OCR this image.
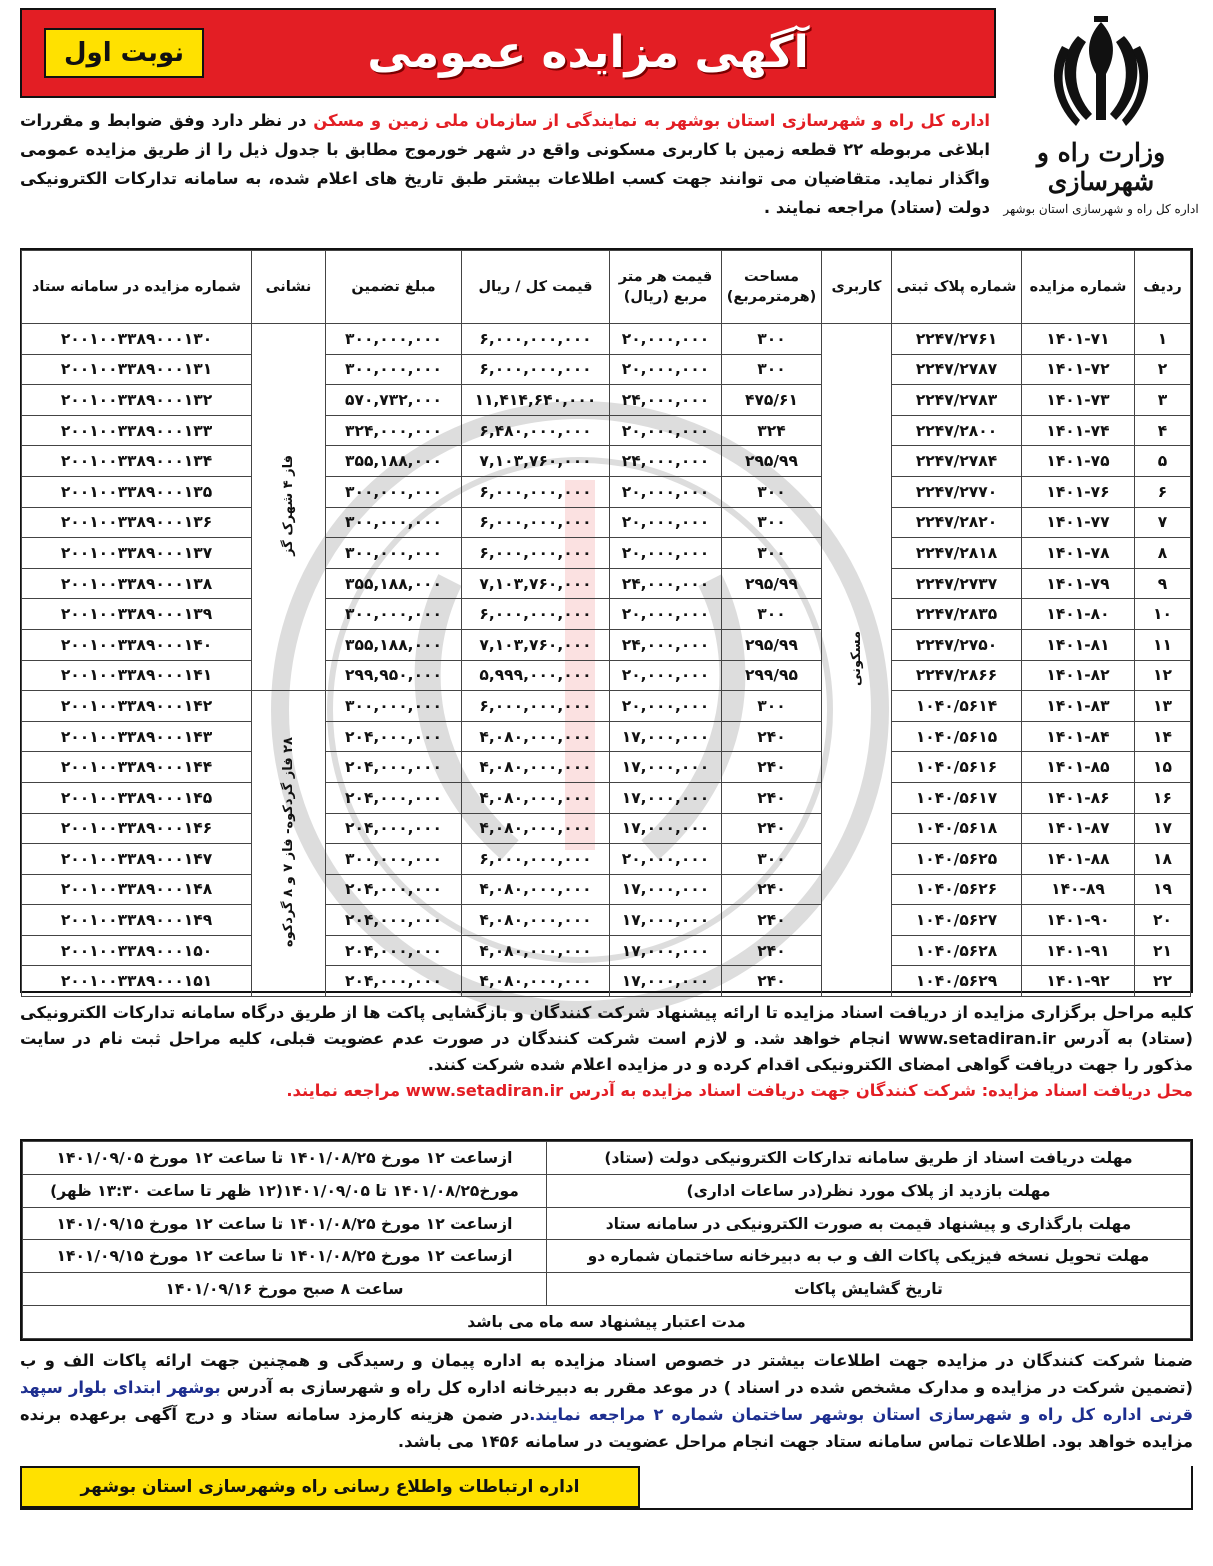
نوبت اول	آگهی مزایده عمومی
وزارت راه و شهرسازی
اداره کل راه و شهرسازی استان بوشهر
اداره کل راه و شهرسازی استان بوشهر به نمایندگی از سازمان ملی زمین و مسکن در نظر دارد وفق ضوابط و مقررات ابلاغی مربوطه ۲۲ قطعه زمین با کاربری مسکونی واقع در شهر خورموج مطابق با جدول ذیل را از طریق مزایده عمومی واگذار نماید. متقاضیان می توانند جهت کسب اطلاعات بیشتر طبق تاریخ های اعلام شده، به سامانه تدارکات الکترونیکی دولت (ستاد) مراجعه نمایند .
ردیف	شماره مزایده	شماره پلاک ثبتی	کاربری	مساحت (هرمترمربع)	قیمت هر متر مربع (ریال)	قیمت کل / ریال	مبلغ تضمین	نشانی	شماره مزایده در سامانه ستاد
۱	۱۴۰۱-۷۱	۲۲۴۷/۲۷۶۱	مسکونی	۳۰۰	۲۰,۰۰۰,۰۰۰	۶,۰۰۰,۰۰۰,۰۰۰	۳۰۰,۰۰۰,۰۰۰	فاز ۴ شهرک گز	۲۰۰۱۰۰۳۳۸۹۰۰۰۱۳۰
۲	۱۴۰۱-۷۲	۲۲۴۷/۲۷۸۷		۳۰۰	۲۰,۰۰۰,۰۰۰	۶,۰۰۰,۰۰۰,۰۰۰	۳۰۰,۰۰۰,۰۰۰		۲۰۰۱۰۰۳۳۸۹۰۰۰۱۳۱
۳	۱۴۰۱-۷۳	۲۲۴۷/۲۷۸۳		۴۷۵/۶۱	۲۴,۰۰۰,۰۰۰	۱۱,۴۱۴,۶۴۰,۰۰۰	۵۷۰,۷۳۲,۰۰۰		۲۰۰۱۰۰۳۳۸۹۰۰۰۱۳۲
۴	۱۴۰۱-۷۴	۲۲۴۷/۲۸۰۰		۳۲۴	۲۰,۰۰۰,۰۰۰	۶,۴۸۰,۰۰۰,۰۰۰	۳۲۴,۰۰۰,۰۰۰		۲۰۰۱۰۰۳۳۸۹۰۰۰۱۳۳
۵	۱۴۰۱-۷۵	۲۲۴۷/۲۷۸۴		۲۹۵/۹۹	۲۴,۰۰۰,۰۰۰	۷,۱۰۳,۷۶۰,۰۰۰	۳۵۵,۱۸۸,۰۰۰		۲۰۰۱۰۰۳۳۸۹۰۰۰۱۳۴
۶	۱۴۰۱-۷۶	۲۲۴۷/۲۷۷۰		۳۰۰	۲۰,۰۰۰,۰۰۰	۶,۰۰۰,۰۰۰,۰۰۰	۳۰۰,۰۰۰,۰۰۰		۲۰۰۱۰۰۳۳۸۹۰۰۰۱۳۵
۷	۱۴۰۱-۷۷	۲۲۴۷/۲۸۲۰		۳۰۰	۲۰,۰۰۰,۰۰۰	۶,۰۰۰,۰۰۰,۰۰۰	۳۰۰,۰۰۰,۰۰۰		۲۰۰۱۰۰۳۳۸۹۰۰۰۱۳۶
۸	۱۴۰۱-۷۸	۲۲۴۷/۲۸۱۸		۳۰۰	۲۰,۰۰۰,۰۰۰	۶,۰۰۰,۰۰۰,۰۰۰	۳۰۰,۰۰۰,۰۰۰		۲۰۰۱۰۰۳۳۸۹۰۰۰۱۳۷
۹	۱۴۰۱-۷۹	۲۲۴۷/۲۷۳۷		۲۹۵/۹۹	۲۴,۰۰۰,۰۰۰	۷,۱۰۳,۷۶۰,۰۰۰	۳۵۵,۱۸۸,۰۰۰		۲۰۰۱۰۰۳۳۸۹۰۰۰۱۳۸
۱۰	۱۴۰۱-۸۰	۲۲۴۷/۲۸۳۵		۳۰۰	۲۰,۰۰۰,۰۰۰	۶,۰۰۰,۰۰۰,۰۰۰	۳۰۰,۰۰۰,۰۰۰		۲۰۰۱۰۰۳۳۸۹۰۰۰۱۳۹
۱۱	۱۴۰۱-۸۱	۲۲۴۷/۲۷۵۰		۲۹۵/۹۹	۲۴,۰۰۰,۰۰۰	۷,۱۰۳,۷۶۰,۰۰۰	۳۵۵,۱۸۸,۰۰۰		۲۰۰۱۰۰۳۳۸۹۰۰۰۱۴۰
۱۲	۱۴۰۱-۸۲	۲۲۴۷/۲۸۶۶		۲۹۹/۹۵	۲۰,۰۰۰,۰۰۰	۵,۹۹۹,۰۰۰,۰۰۰	۲۹۹,۹۵۰,۰۰۰		۲۰۰۱۰۰۳۳۸۹۰۰۰۱۴۱
۱۳	۱۴۰۱-۸۳	۱۰۴۰/۵۶۱۴		۳۰۰	۲۰,۰۰۰,۰۰۰	۶,۰۰۰,۰۰۰,۰۰۰	۳۰۰,۰۰۰,۰۰۰	۲۸ فاز گردکوه- فاز ۷ و ۸ گردکوه	۲۰۰۱۰۰۳۳۸۹۰۰۰۱۴۲
۱۴	۱۴۰۱-۸۴	۱۰۴۰/۵۶۱۵		۲۴۰	۱۷,۰۰۰,۰۰۰	۴,۰۸۰,۰۰۰,۰۰۰	۲۰۴,۰۰۰,۰۰۰		۲۰۰۱۰۰۳۳۸۹۰۰۰۱۴۳
۱۵	۱۴۰۱-۸۵	۱۰۴۰/۵۶۱۶		۲۴۰	۱۷,۰۰۰,۰۰۰	۴,۰۸۰,۰۰۰,۰۰۰	۲۰۴,۰۰۰,۰۰۰		۲۰۰۱۰۰۳۳۸۹۰۰۰۱۴۴
۱۶	۱۴۰۱-۸۶	۱۰۴۰/۵۶۱۷		۲۴۰	۱۷,۰۰۰,۰۰۰	۴,۰۸۰,۰۰۰,۰۰۰	۲۰۴,۰۰۰,۰۰۰		۲۰۰۱۰۰۳۳۸۹۰۰۰۱۴۵
۱۷	۱۴۰۱-۸۷	۱۰۴۰/۵۶۱۸		۲۴۰	۱۷,۰۰۰,۰۰۰	۴,۰۸۰,۰۰۰,۰۰۰	۲۰۴,۰۰۰,۰۰۰		۲۰۰۱۰۰۳۳۸۹۰۰۰۱۴۶
۱۸	۱۴۰۱-۸۸	۱۰۴۰/۵۶۲۵		۳۰۰	۲۰,۰۰۰,۰۰۰	۶,۰۰۰,۰۰۰,۰۰۰	۳۰۰,۰۰۰,۰۰۰		۲۰۰۱۰۰۳۳۸۹۰۰۰۱۴۷
۱۹	۱۴۰-۸۹	۱۰۴۰/۵۶۲۶		۲۴۰	۱۷,۰۰۰,۰۰۰	۴,۰۸۰,۰۰۰,۰۰۰	۲۰۴,۰۰۰,۰۰۰		۲۰۰۱۰۰۳۳۸۹۰۰۰۱۴۸
۲۰	۱۴۰۱-۹۰	۱۰۴۰/۵۶۲۷		۲۴۰	۱۷,۰۰۰,۰۰۰	۴,۰۸۰,۰۰۰,۰۰۰	۲۰۴,۰۰۰,۰۰۰		۲۰۰۱۰۰۳۳۸۹۰۰۰۱۴۹
۲۱	۱۴۰۱-۹۱	۱۰۴۰/۵۶۲۸		۲۴۰	۱۷,۰۰۰,۰۰۰	۴,۰۸۰,۰۰۰,۰۰۰	۲۰۴,۰۰۰,۰۰۰		۲۰۰۱۰۰۳۳۸۹۰۰۰۱۵۰
۲۲	۱۴۰۱-۹۲	۱۰۴۰/۵۶۲۹		۲۴۰	۱۷,۰۰۰,۰۰۰	۴,۰۸۰,۰۰۰,۰۰۰	۲۰۴,۰۰۰,۰۰۰		۲۰۰۱۰۰۳۳۸۹۰۰۰۱۵۱
کلیه مراحل برگزاری مزایده از دریافت اسناد مزایده تا ارائه پیشنهاد شرکت کنندگان و بازگشایی پاکت ها از طریق درگاه سامانه تدارکات الکترونیکی (ستاد) به آدرس www.setadiran.ir انجام خواهد شد. و لازم است شرکت کنندگان در صورت عدم عضویت قبلی، کلیه مراحل ثبت نام در سایت مذکور را جهت دریافت گواهی امضای الکترونیکی اقدام کرده و در مزایده اعلام شده شرکت کنند.
محل دریافت اسناد مزایده: شرکت کنندگان جهت دریافت اسناد مزایده به آدرس www.setadiran.ir مراجعه نمایند.
مهلت دریافت اسناد از طریق سامانه تدارکات الکترونیکی دولت (ستاد)	ازساعت ۱۲ مورخ ۱۴۰۱/۰۸/۲۵ تا ساعت ۱۲ مورخ ۱۴۰۱/۰۹/۰۵
مهلت بازدید از پلاک مورد نظر(در ساعات اداری)	مورخ۱۴۰۱/۰۸/۲۵ تا ۱۴۰۱/۰۹/۰۵(۱۲ ظهر تا ساعت ۱۳:۳۰ ظهر)
مهلت بارگذاری و پیشنهاد قیمت به صورت الکترونیکی در سامانه ستاد	ازساعت ۱۲ مورخ ۱۴۰۱/۰۸/۲۵ تا ساعت ۱۲ مورخ ۱۴۰۱/۰۹/۱۵
مهلت تحویل نسخه فیزیکی پاکات الف و ب به دبیرخانه ساختمان شماره دو	ازساعت ۱۲ مورخ ۱۴۰۱/۰۸/۲۵ تا ساعت ۱۲ مورخ ۱۴۰۱/۰۹/۱۵
تاریخ گشایش پاکات	ساعت ۸ صبح مورخ ۱۴۰۱/۰۹/۱۶
مدت اعتبار پیشنهاد سه ماه می باشد	
ضمنا شرکت کنندگان در مزایده جهت اطلاعات بیشتر در خصوص اسناد مزایده به اداره پیمان و رسیدگی و همچنین جهت ارائه پاکات الف و ب (تضمین شرکت در مزایده و مدارک مشخص شده در اسناد ) در موعد مقرر به دبیرخانه اداره کل راه و شهرسازی به آدرس بوشهر ابتدای بلوار سپهد قرنی اداره کل راه و شهرسازی استان بوشهر ساختمان شماره ۲ مراجعه نمایند.در ضمن هزینه کارمزد سامانه ستاد و درج آگهی برعهده برنده مزایده خواهد بود. اطلاعات تماس سامانه ستاد جهت انجام مراحل عضویت در سامانه ۱۴۵۶ می باشد.
اداره ارتباطات واطلاع رسانی راه وشهرسازی استان بوشهر
